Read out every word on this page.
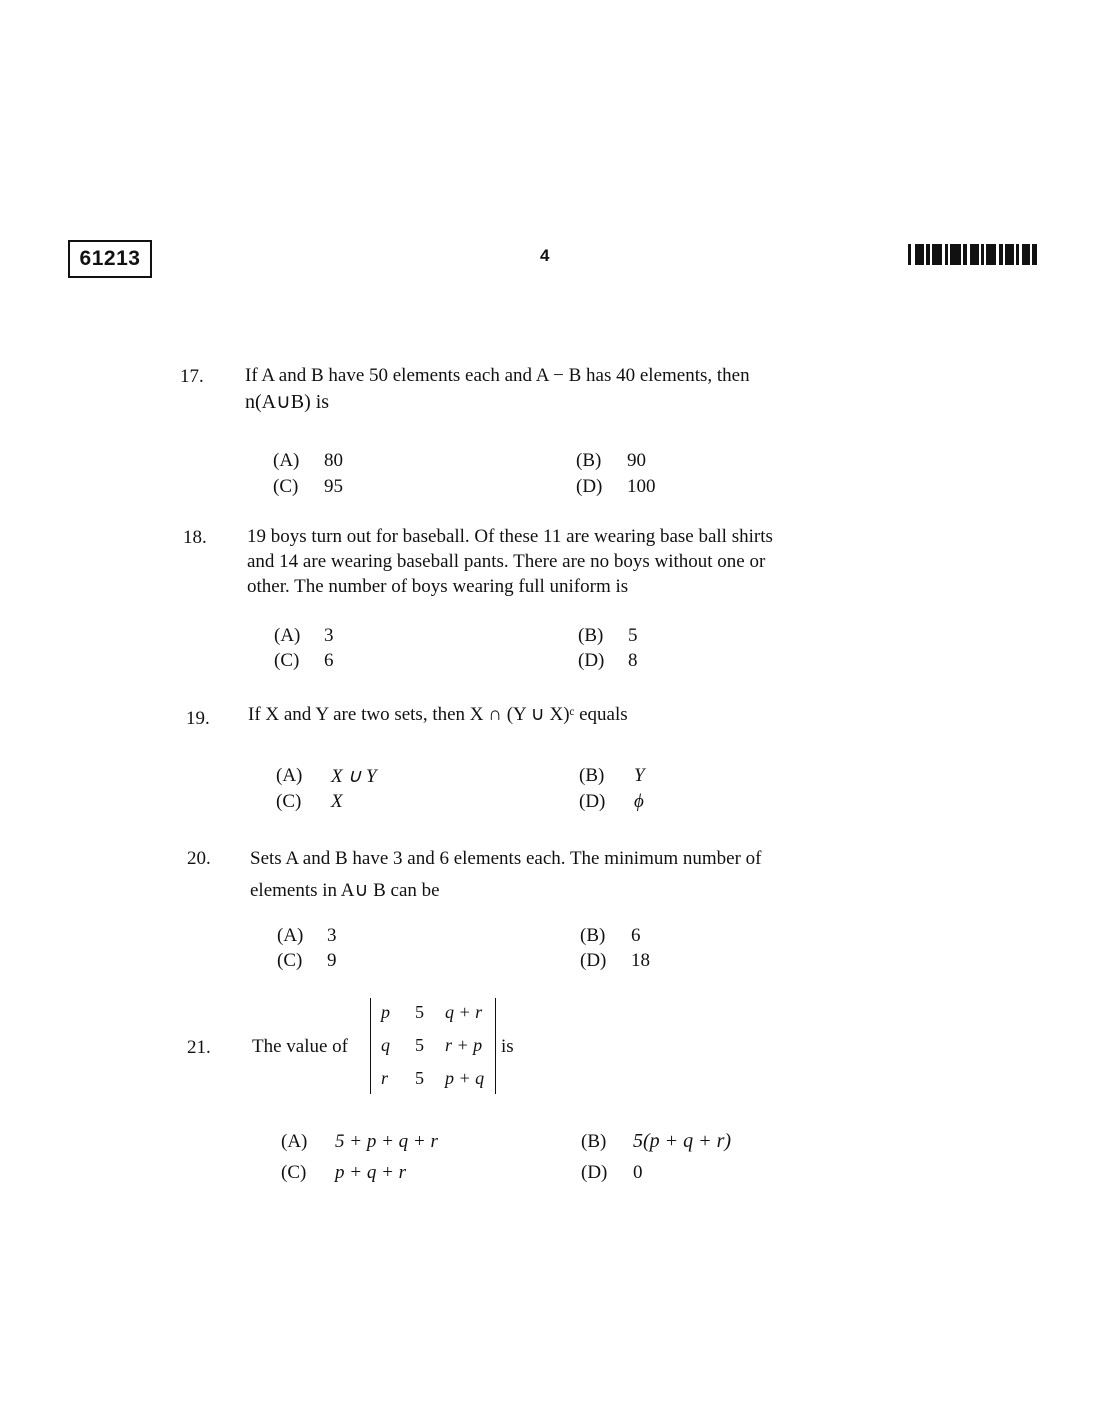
61213	4
17. If A and B have 50 elements each and A − B has 40 elements, then
n(A∪B) is
(A) 80	(B) 90
(C) 95	(D) 100
18. 19 boys turn out for baseball. Of these 11 are wearing base ball shirts
and 14 are wearing baseball pants. There are no boys without one or
other. The number of boys wearing full uniform is
(A) 3	(B) 5
(C) 6	(D) 8
19. If X and Y are two sets, then X ∩ (Y ∪ X)ᶜ equals
(A) X ∪ Y	(B) Y
(C) X	(D) ϕ
20. Sets A and B have 3 and 6 elements each. The minimum number of
elements in A∪ B can be
(A) 3	(B) 6
(C) 9	(D) 18
21. The value of
p 5 q + r
q 5 r + p
r 5 p + q
is
(A) 5 + p + q + r	(B) 5(p + q + r)
(C) p + q + r	(D) 0
